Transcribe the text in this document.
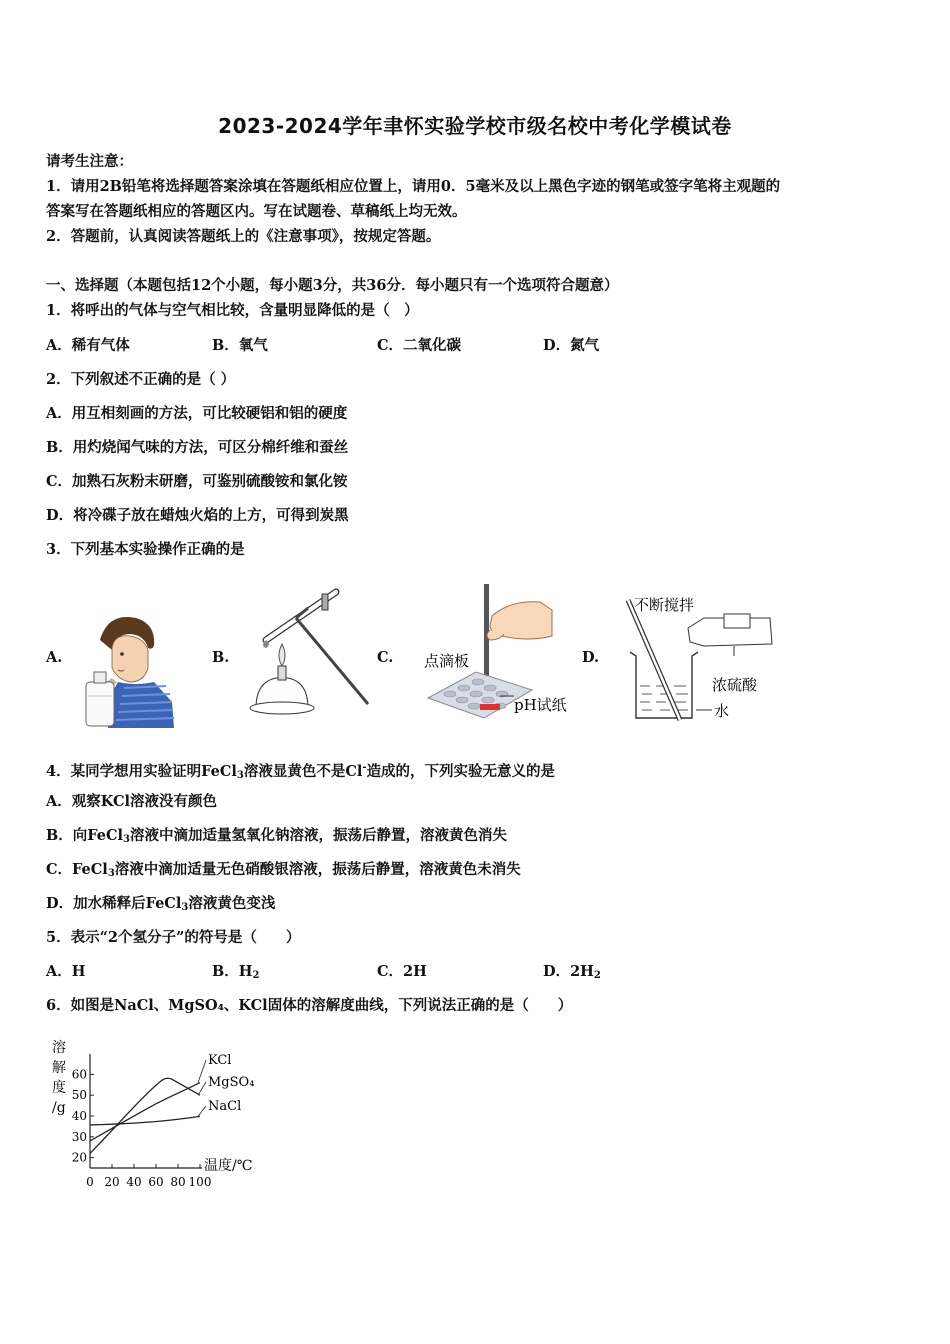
2023-2024学年聿怀实验学校市级名校中考化学模试卷
请考生注意：
1．请用2B铅笔将选择题答案涂填在答题纸相应位置上，请用0．5毫米及以上黑色字迹的钢笔或签字笔将主观题的
答案写在答题纸相应的答题区内。写在试题卷、草稿纸上均无效。
2．答题前，认真阅读答题纸上的《注意事项》，按规定答题。
一、选择题（本题包括12个小题，每小题3分，共36分．每小题只有一个选项符合题意）
1．将呼出的气体与空气相比较，含量明显降低的是（　）
A．稀有气体	B．氧气	C．二氧化碳	D．氮气
2．下列叙述不正确的是（ ）
A．用互相刻画的方法，可比较硬铝和铝的硬度
B．用灼烧闻气味的方法，可区分棉纤维和蚕丝
C．加熟石灰粉末研磨，可鉴别硫酸铵和氯化铵
D．将冷碟子放在蜡烛火焰的上方，可得到炭黑
3．下列基本实验操作正确的是
A.	B.	C.	D.
点滴板
pH试纸
不断搅拌
浓硫酸
水
4．某同学想用实验证明FeCl$_3$溶液显黄色不是Cl-造成的，下列实验无意义的是
A．观察KCl溶液没有颜色
B．向FeCl$_3$溶液中滴加适量氢氧化钠溶液，振荡后静置，溶液黄色消失
C．FeCl$_3$溶液中滴加适量无色硝酸银溶液，振荡后静置，溶液黄色未消失
D．加水稀释后FeCl$_3$溶液黄色变浅
5．表示“2个氢分子”的符号是（　　）
A．H	B．$H_2$	C．2H	D．$2H_2$
6．如图是NaCl、MgSO₄、KCl固体的溶解度曲线，下列说法正确的是（　　）
溶
解
度
/g
20
30
40
50
60
0 20 40 60 80 100
温度/℃
KCl
MgSO₄
NaCl
